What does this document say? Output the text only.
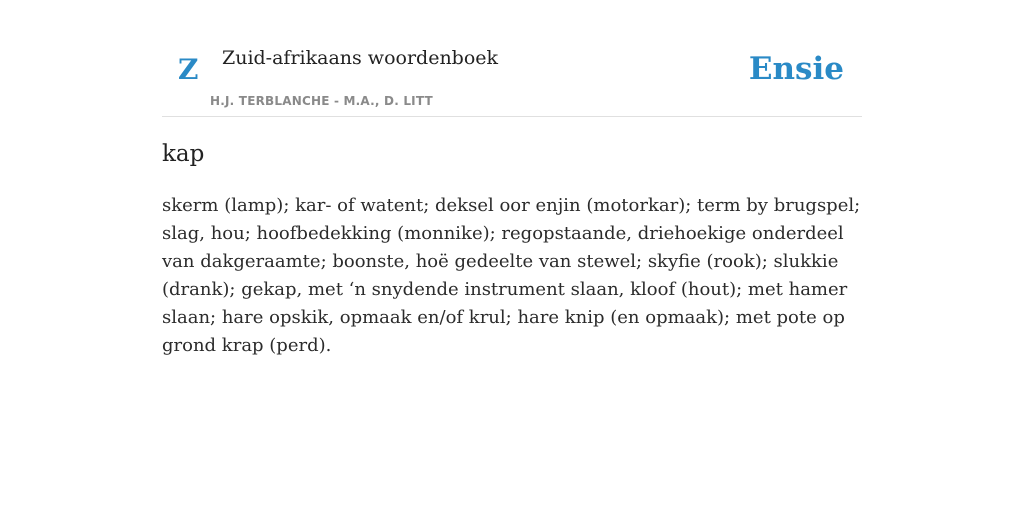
Z Zuid-afrikaans woordenboek
H.J. TERBLANCHE - M.A., D. LITT
Ensie
kap

skerm (lamp); kar- of watent; deksel oor enjin (motorkar); term by brugspel; slag, hou; hoofbedekking (monnike); regopstaande, driehoekige onderdeel van dakgeraamte; boonste, hoë gedeelte van stewel; skyfie (rook); slukkie (drank); gekap, met ‘n snydende instrument slaan, kloof (hout); met hamer slaan; hare opskik, opmaak en/of krul; hare knip (en opmaak); met pote op grond krap (perd).
